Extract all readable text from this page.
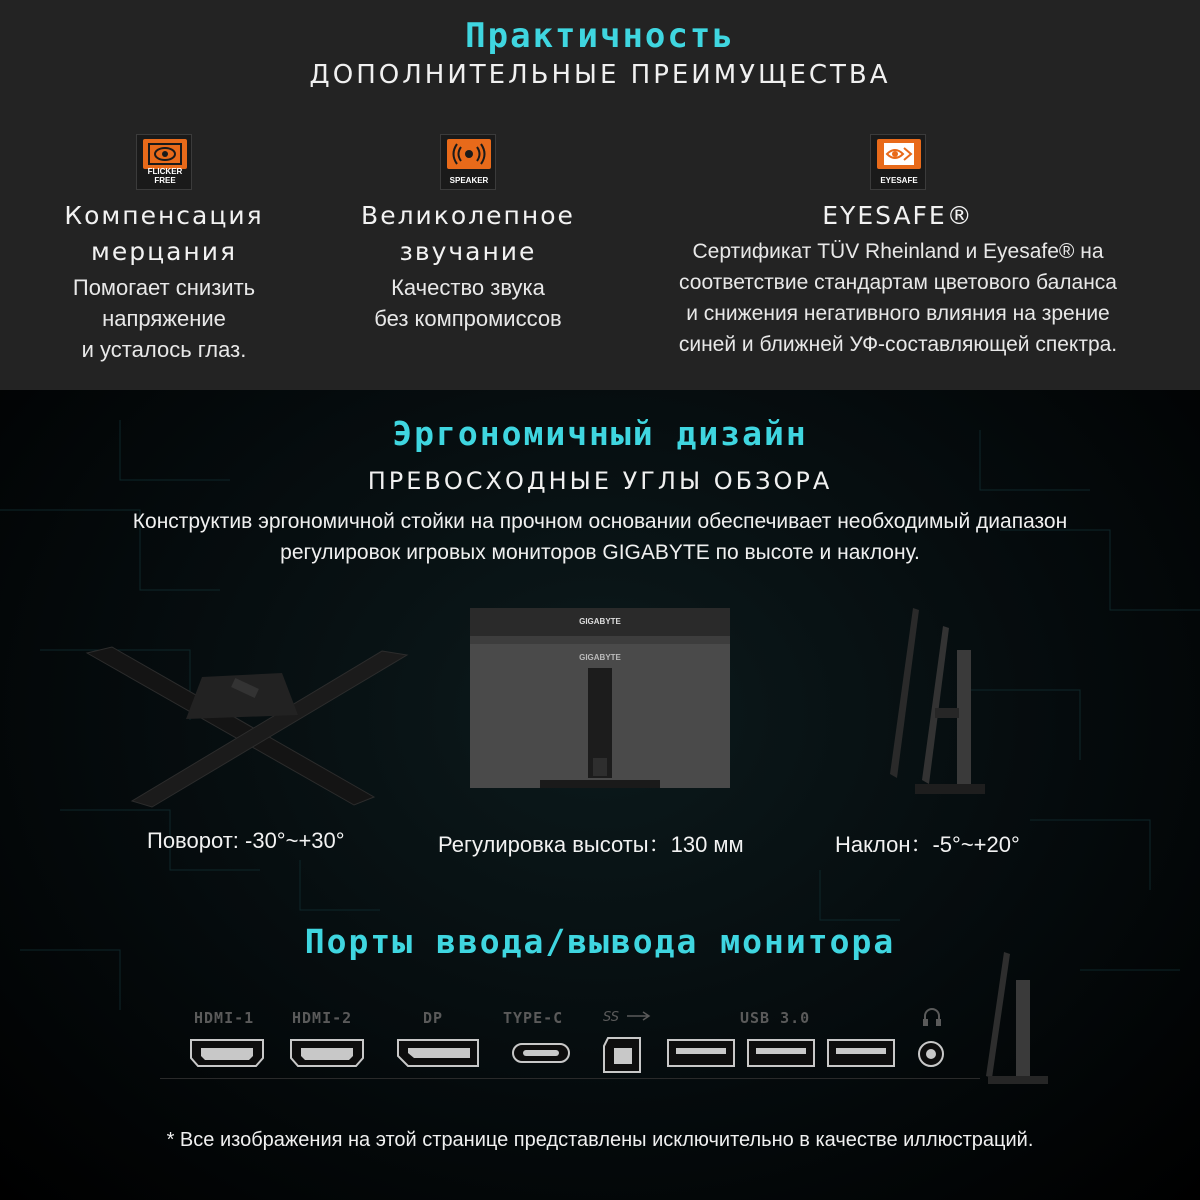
Практичность
ДОПОЛНИТЕЛЬНЫЕ ПРЕИМУЩЕСТВА
FLICKER FREE
Компенсация
мерцания
Помогает снизить
напряжение
и усталось глаз.
SPEAKER
Великолепное
звучание
Качество звука
без компромиссов
EYESAFE
EYESAFE®
Сертификат TÜV Rheinland и Eyesafe® на
соответствие стандартам цветового баланса
и снижения негативного влияния на зрение
синей и ближней УФ-составляющей спектра.
Эргономичный дизайн
ПРЕВОСХОДНЫЕ УГЛЫ ОБЗОРА
Конструктив эргономичной стойки на прочном основании обеспечивает необходимый диапазон
регулировок игровых мониторов GIGABYTE по высоте и наклону.
GIGABYTE
GIGABYTE
Поворот: -30°~+30°	Регулировка высоты：130 мм	Наклон：-5°~+20°
Порты ввода/вывода монитора
HDMI-1	HDMI-2	DP	TYPE-C	SS	USB 3.0
* Все изображения на этой странице представлены исключительно в качестве иллюстраций.
